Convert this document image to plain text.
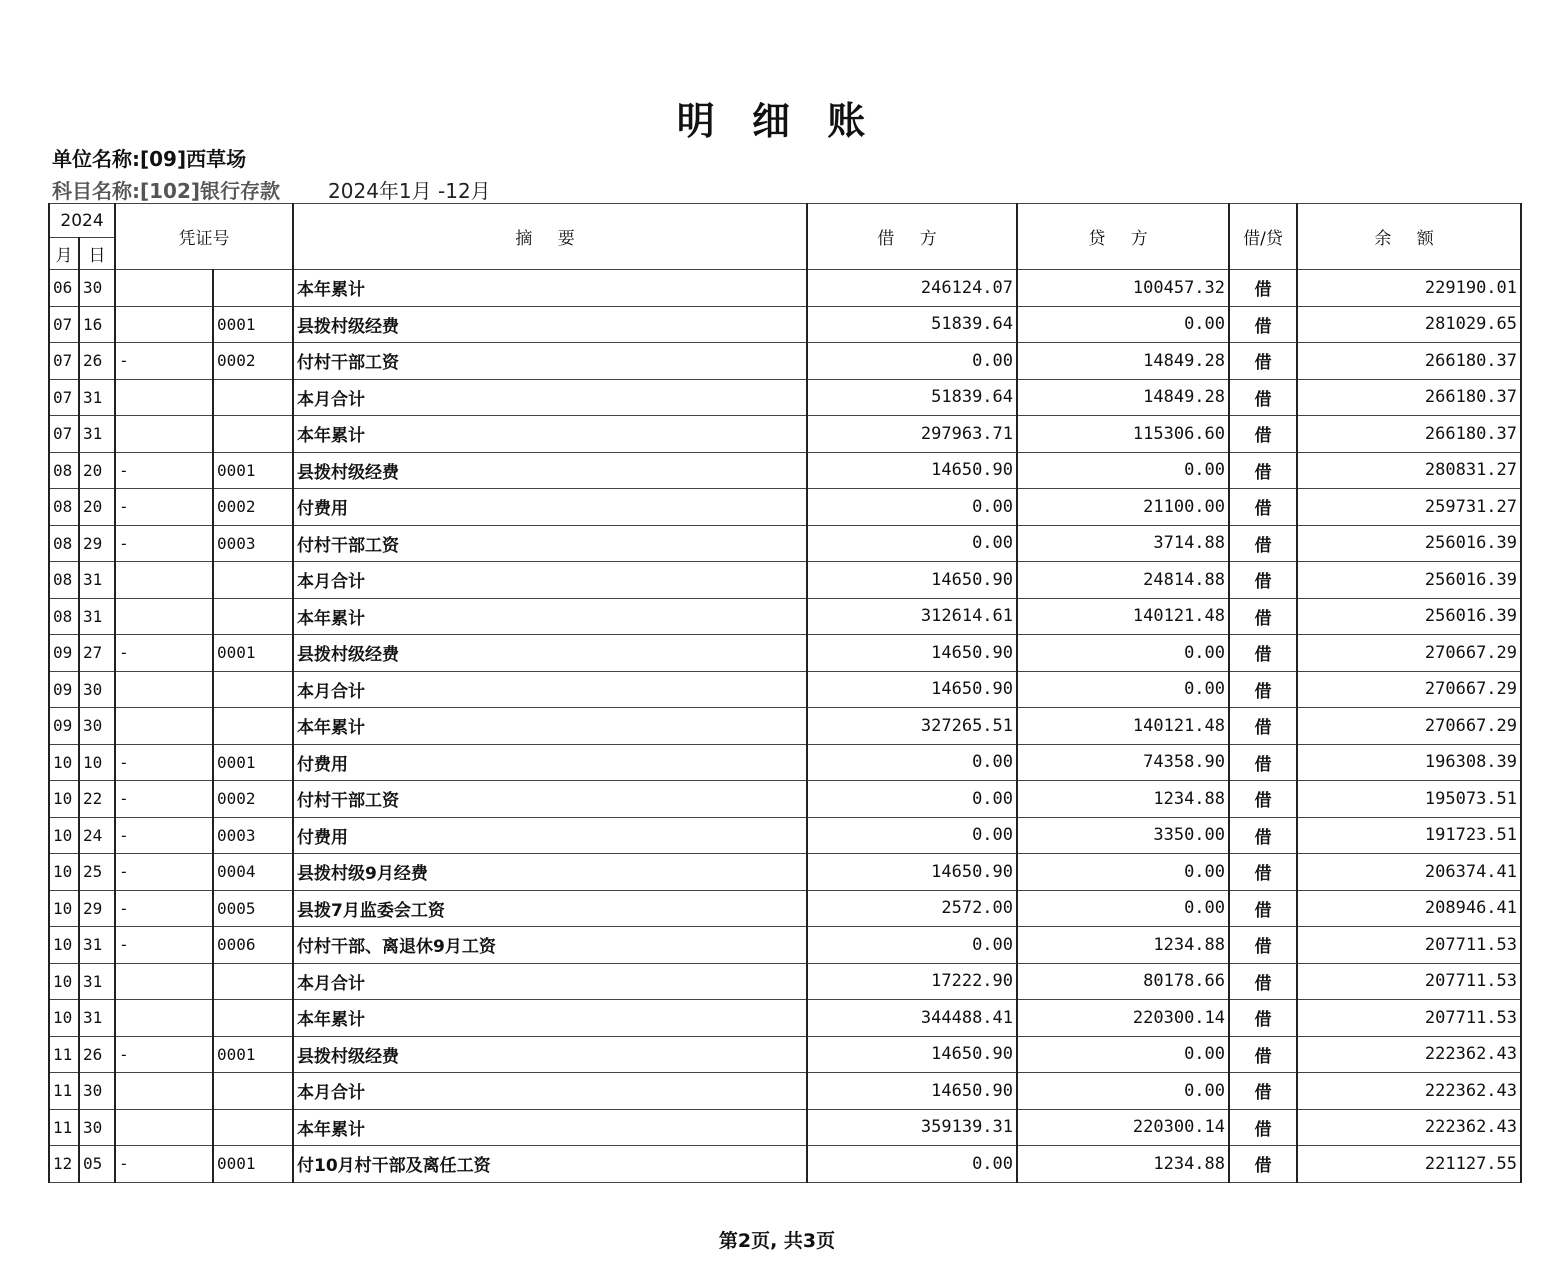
明 细 账
单位名称:[09]西草场
科目名称:[102]银行存款 2024年1月 -12月
2024		凭证号		摘 要	借 方	贷 方	借/贷	余 额
月	日							
06	30			本年累计	246124.07	100457.32	借	229190.01
07	16		0001	县拨村级经费	51839.64	0.00	借	281029.65
07	26	-	0002	付村干部工资	0.00	14849.28	借	266180.37
07	31			本月合计	51839.64	14849.28	借	266180.37
07	31			本年累计	297963.71	115306.60	借	266180.37
08	20	-	0001	县拨村级经费	14650.90	0.00	借	280831.27
08	20	-	0002	付费用	0.00	21100.00	借	259731.27
08	29	-	0003	付村干部工资	0.00	3714.88	借	256016.39
08	31			本月合计	14650.90	24814.88	借	256016.39
08	31			本年累计	312614.61	140121.48	借	256016.39
09	27	-	0001	县拨村级经费	14650.90	0.00	借	270667.29
09	30			本月合计	14650.90	0.00	借	270667.29
09	30			本年累计	327265.51	140121.48	借	270667.29
10	10	-	0001	付费用	0.00	74358.90	借	196308.39
10	22	-	0002	付村干部工资	0.00	1234.88	借	195073.51
10	24	-	0003	付费用	0.00	3350.00	借	191723.51
10	25	-	0004	县拨村级9月经费	14650.90	0.00	借	206374.41
10	29	-	0005	县拨7月监委会工资	2572.00	0.00	借	208946.41
10	31	-	0006	付村干部、离退休9月工资	0.00	1234.88	借	207711.53
10	31			本月合计	17222.90	80178.66	借	207711.53
10	31			本年累计	344488.41	220300.14	借	207711.53
11	26	-	0001	县拨村级经费	14650.90	0.00	借	222362.43
11	30			本月合计	14650.90	0.00	借	222362.43
11	30			本年累计	359139.31	220300.14	借	222362.43
12	05	-	0001	付10月村干部及离任工资	0.00	1234.88	借	221127.55
第2页, 共3页
